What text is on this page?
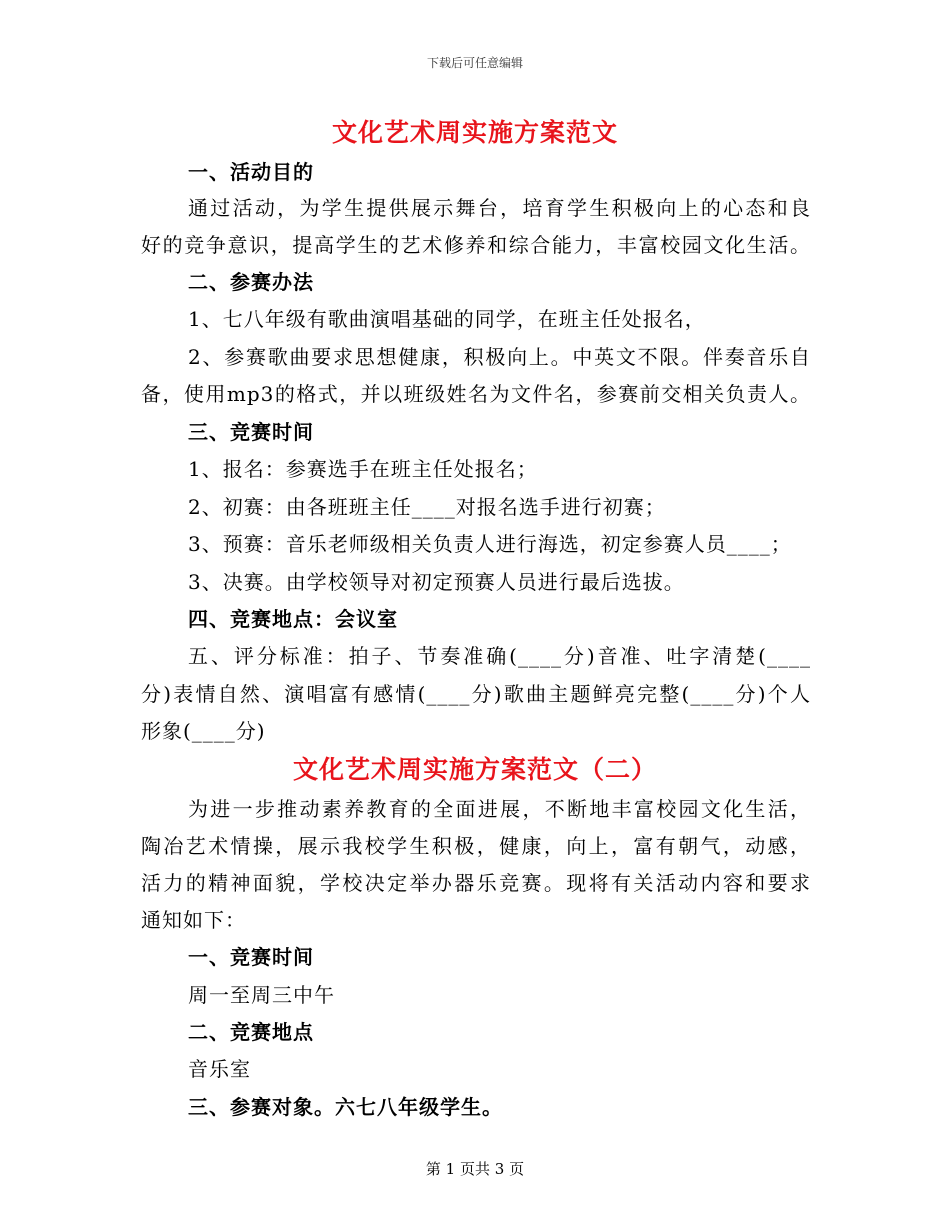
下载后可任意编辑
文化艺术周实施方案范文
一、活动目的
通过活动，为学生提供展示舞台，培育学生积极向上的心态和良
好的竞争意识，提高学生的艺术修养和综合能力，丰富校园文化生活。
二、参赛办法
1、七八年级有歌曲演唱基础的同学，在班主任处报名，
2、参赛歌曲要求思想健康，积极向上。中英文不限。伴奏音乐自
备，使用mp3的格式，并以班级姓名为文件名，参赛前交相关负责人。
三、竞赛时间
1、报名：参赛选手在班主任处报名；
2、初赛：由各班班主任____对报名选手进行初赛；
3、预赛：音乐老师级相关负责人进行海选，初定参赛人员____；
3、决赛。由学校领导对初定预赛人员进行最后选拔。
四、竞赛地点：会议室
五、评分标准：拍子、节奏准确(____分)音准、吐字清楚(____
分)表情自然、演唱富有感情(____分)歌曲主题鲜亮完整(____分)个人
形象(____分)
文化艺术周实施方案范文（二）
为进一步推动素养教育的全面进展，不断地丰富校园文化生活，
陶冶艺术情操，展示我校学生积极，健康，向上，富有朝气，动感，
活力的精神面貌，学校决定举办器乐竞赛。现将有关活动内容和要求
通知如下：
一、竞赛时间
周一至周三中午
二、竞赛地点
音乐室
三、参赛对象。六七八年级学生。
第 1 页共 3 页
